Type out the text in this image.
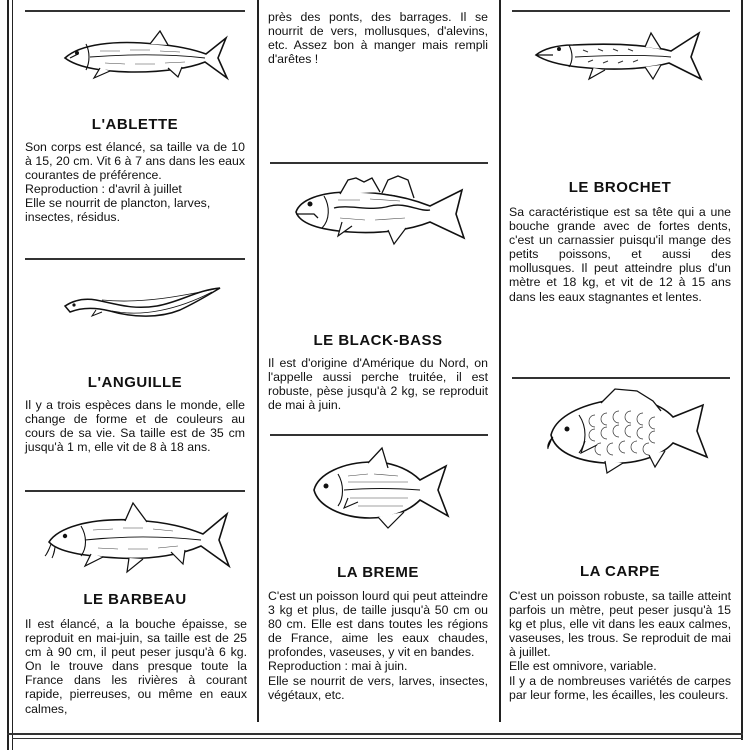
L'ABLETTE

Son corps est élancé, sa taille va de 10 à 15, 20 cm. Vit 6 à 7 ans dans les eaux courantes de préférence.

Reproduction : d'avril à juillet

Elle se nourrit de plancton, larves, insectes, résidus.

L'ANGUILLE

Il y a trois espèces dans le monde, elle change de forme et de couleurs au cours de sa vie. Sa taille est de 35 cm jusqu'à 1 m, elle vit de 8 à 18 ans.

LE BARBEAU

Il est élancé, a la bouche épaisse, se reproduit en mai-juin, sa taille est de 25 cm à 90 cm, il peut peser jusqu'à 6 kg. On le trouve dans presque toute la France dans les rivières à courant rapide, pierreuses, ou même en eaux calmes,

près des ponts, des barrages. Il se nourrit de vers, mollusques, d'alevins, etc. Assez bon à manger mais rempli d'arêtes !
LE BLACK-BASS

Il est d'origine d'Amérique du Nord, on l'appelle aussi perche truitée, il est robuste, pèse jusqu'à 2 kg, se reproduit de mai à juin.

LA BREME

C'est un poisson lourd qui peut atteindre 3 kg et plus, de taille jusqu'à 50 cm ou 80 cm. Elle est dans toutes les régions de France, aime les eaux chaudes, profondes, vaseuses, y vit en bandes.

Reproduction : mai à juin.

Elle se nourrit de vers, larves, insectes, végétaux, etc.

LE BROCHET

Sa caractéristique est sa tête qui a une bouche grande avec de fortes dents, c'est un carnassier puisqu'il mange des petits poissons, et aussi des mollusques. Il peut atteindre plus d'un mètre et 18 kg, et vit de 12 à 15 ans dans les eaux stagnantes et lentes.

LA CARPE

C'est un poisson robuste, sa taille atteint parfois un mètre, peut peser jusqu'à 15 kg et plus, elle vit dans les eaux calmes, vaseuses, les trous. Se reproduit de mai à juillet.

Elle est omnivore, variable.

Il y a de nombreuses variétés de carpes par leur forme, les écailles, les couleurs.
